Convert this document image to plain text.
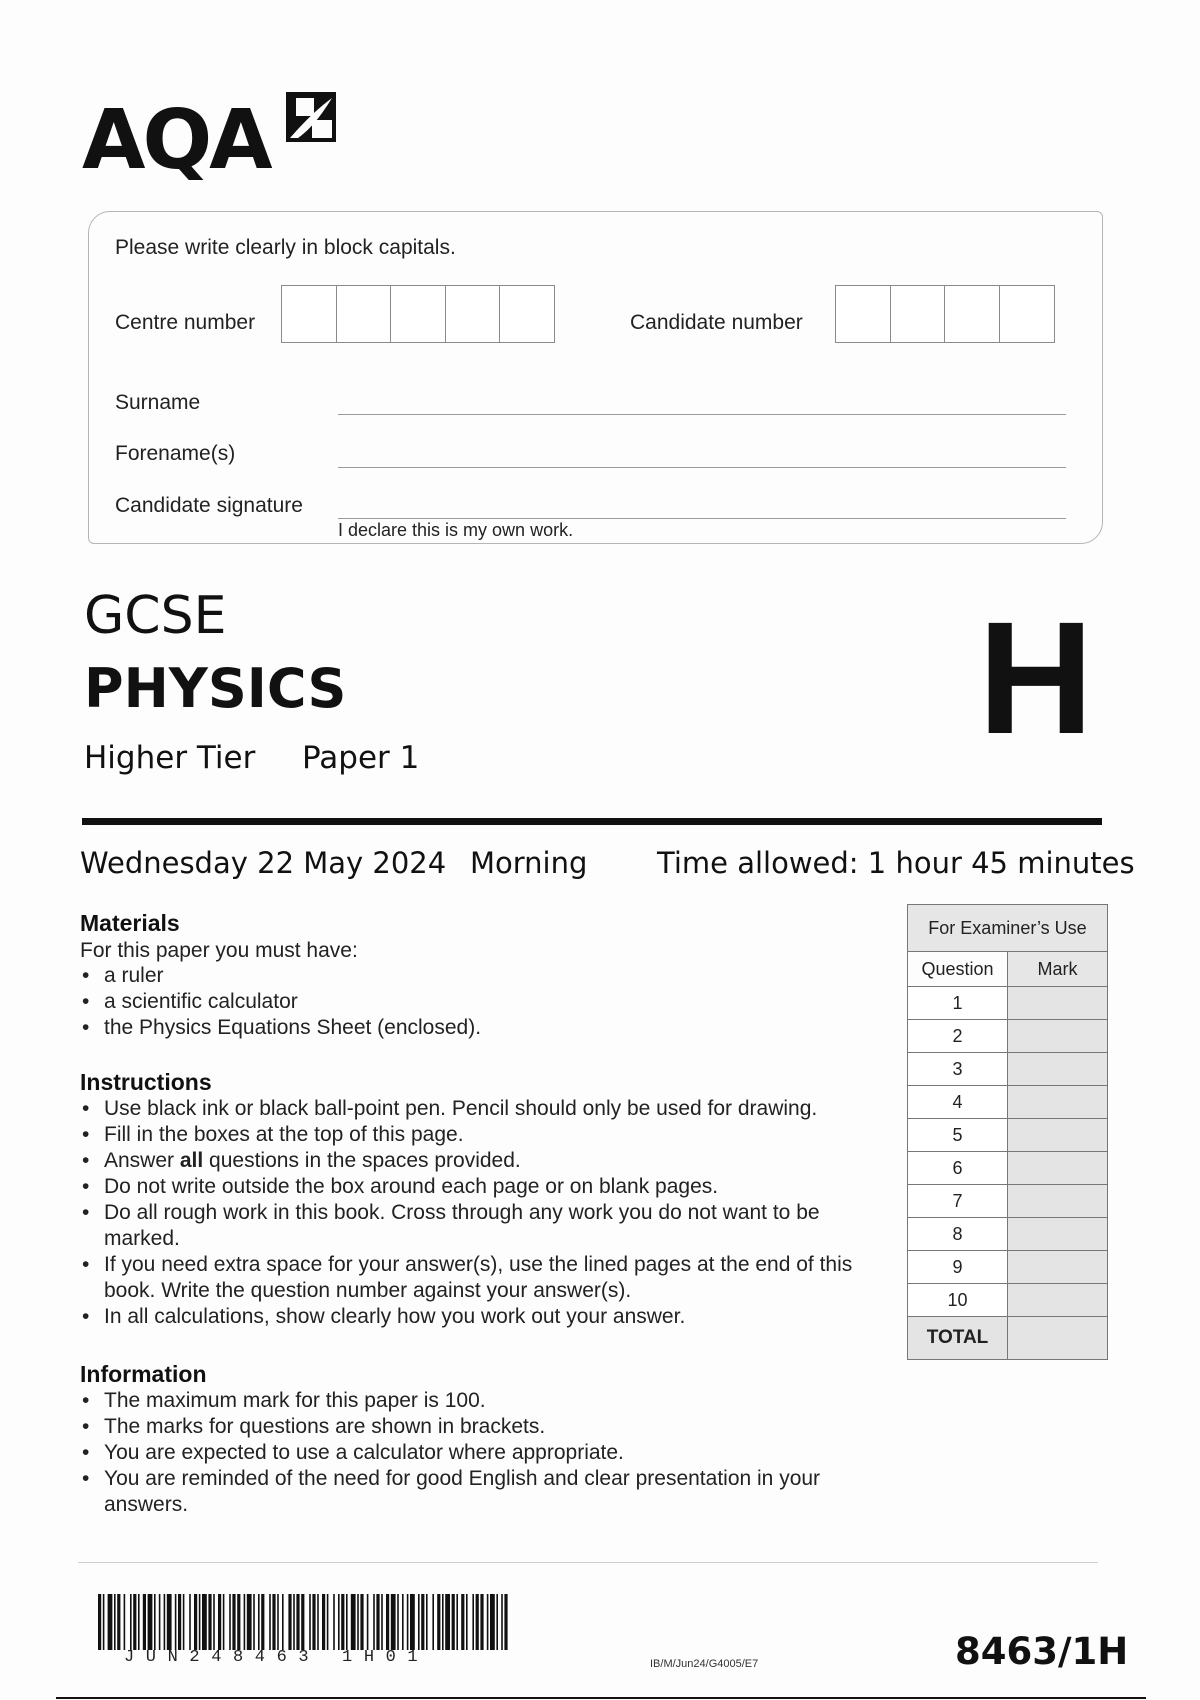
AQA
Please write clearly in block capitals.
Centre number	Candidate number
Surname
Forename(s)
Candidate signature
I declare this is my own work.
GCSE
PHYSICS
Higher Tier Paper 1	H
Wednesday 22 May 2024 Morning Time allowed: 1 hour 45 minutes
Materials
For this paper you must have:
• a ruler
• a scientific calculator
• the Physics Equations Sheet (enclosed).
Instructions
• Use black ink or black ball-point pen. Pencil should only be used for drawing.
• Fill in the boxes at the top of this page.
• Answer all questions in the spaces provided.
• Do not write outside the box around each page or on blank pages.
• Do all rough work in this book. Cross through any work you do not want to be marked.
• If you need extra space for your answer(s), use the lined pages at the end of this book. Write the question number against your answer(s).
• In all calculations, show clearly how you work out your answer.
Information
• The maximum mark for this paper is 100.
• The marks for questions are shown in brackets.
• You are expected to use a calculator where appropriate.
• You are reminded of the need for good English and clear presentation in your answers.
For Examiner’s Use	
Question	Mark
1	
2	
3	
4	
5	
6	
7	
8	
9	
10	
TOTAL	
JUN248463 1H01	IB/M/Jun24/G4005/E7	8463/1H
